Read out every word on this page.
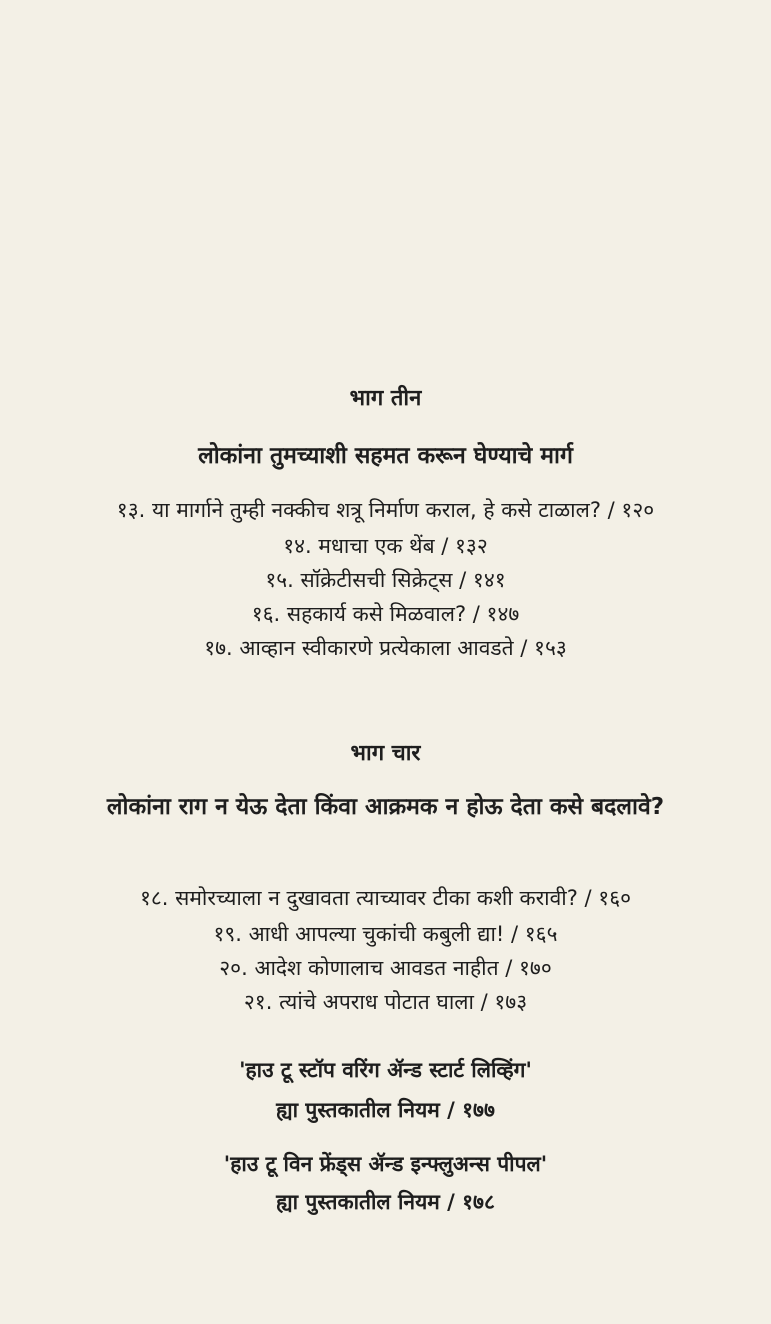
भाग तीन
लोकांना तुमच्याशी सहमत करून घेण्याचे मार्ग
१३. या मार्गाने तुम्ही नक्कीच शत्रू निर्माण कराल, हे कसे टाळाल? / १२०
१४. मधाचा एक थेंब / १३२
१५. सॉक्रेटीसची सिक्रेट्स / १४१
१६. सहकार्य कसे मिळवाल? / १४७
१७. आव्हान स्वीकारणे प्रत्येकाला आवडते / १५३
भाग चार
लोकांना राग न येऊ देता किंवा आक्रमक न होऊ देता कसे बदलावे?
१८. समोरच्याला न दुखावता त्याच्यावर टीका कशी करावी? / १६०
१९. आधी आपल्या चुकांची कबुली द्या! / १६५
२०. आदेश कोणालाच आवडत नाहीत / १७०
२१. त्यांचे अपराध पोटात घाला / १७३
'हाउ टू स्टॉप वरिंग ॲन्ड स्टार्ट लिव्हिंग'
ह्या पुस्तकातील नियम / १७७
'हाउ टू विन फ्रेंड्स ॲन्ड इन्फ्लुअन्स पीपल'
ह्या पुस्तकातील नियम / १७८
